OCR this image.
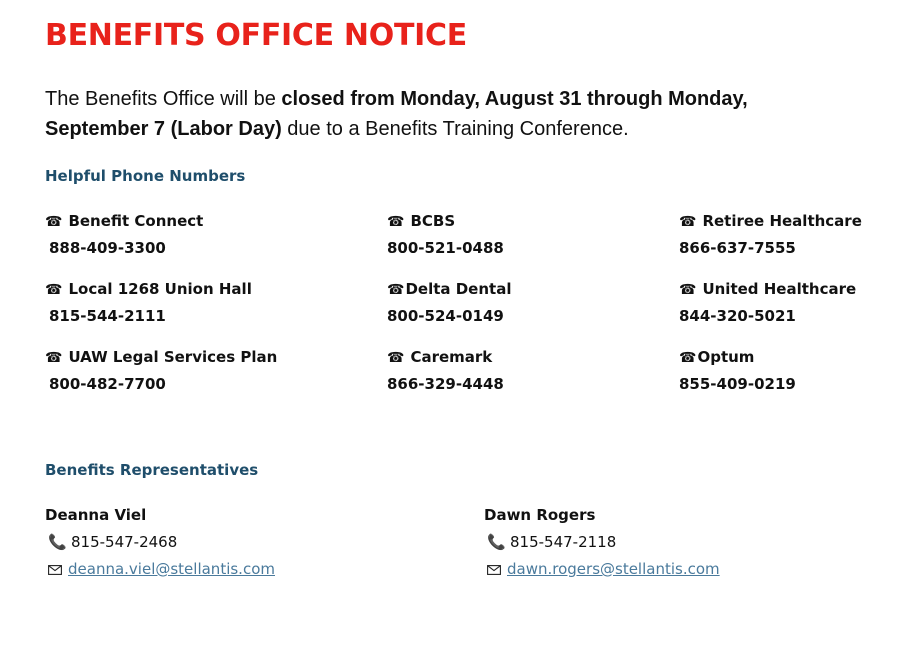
BENEFITS OFFICE NOTICE
The Benefits Office will be closed from Monday, August 31 through Monday, September 7 (Labor Day) due to a Benefits Training Conference.
Helpful Phone Numbers
☎ Benefit Connect
888-409-3300
☎ BCBS
800-521-0488
☎ Retiree Healthcare
866-637-7555
☎ Local 1268 Union Hall
815-544-2111
☎Delta Dental
800-524-0149
☎ United Healthcare
844-320-5021
☎ UAW Legal Services Plan
800-482-7700
☎ Caremark
866-329-4448
☎Optum
855-409-0219
Benefits Representatives
Deanna Viel
📞 815-547-2468
deanna.viel@stellantis.com
Dawn Rogers
📞 815-547-2118
dawn.rogers@stellantis.com
